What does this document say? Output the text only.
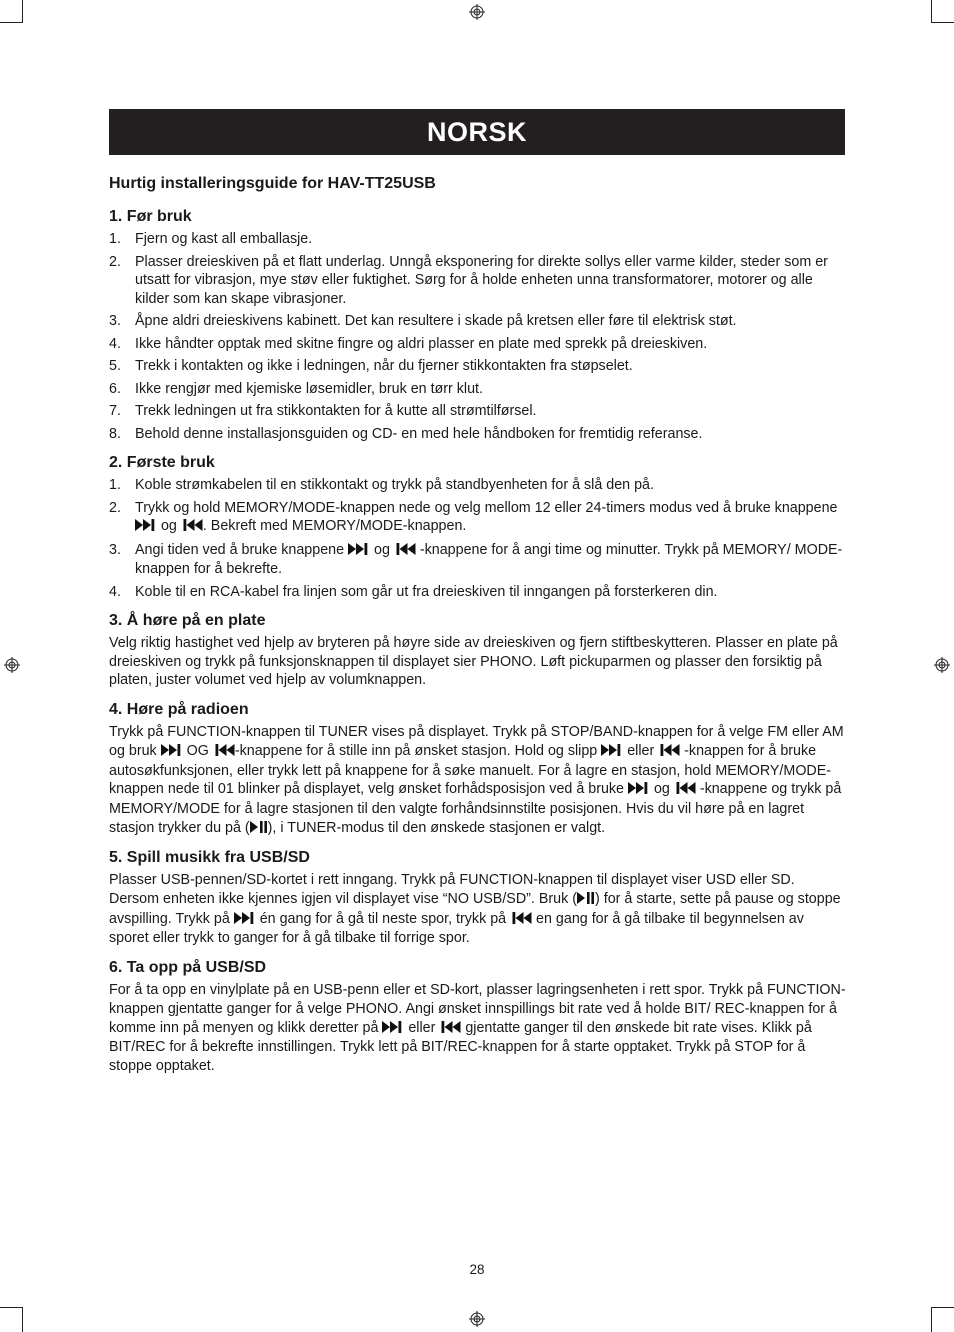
NORSK
Hurtig installeringsguide for HAV-TT25USB
1. Før bruk
1. Fjern og kast all emballasje.
2. Plasser dreieskiven på et flatt underlag. Unngå eksponering for direkte sollys eller varme kilder, steder som er utsatt for vibrasjon, mye støv eller fuktighet. Sørg for å holde enheten unna transformatorer, motorer og alle kilder som kan skape vibrasjoner.
3. Åpne aldri dreieskivens kabinett. Det kan resultere i skade på kretsen eller føre til elektrisk støt.
4. Ikke håndter opptak med skitne fingre og aldri plasser en plate med sprekk på dreieskiven.
5. Trekk i kontakten og ikke i ledningen, når du fjerner stikkontakten fra støpselet.
6. Ikke rengjør med kjemiske løsemidler, bruk en tørr klut.
7. Trekk ledningen ut fra stikkontakten for å kutte all strømtilførsel.
8. Behold denne installasjonsguiden og CD- en med hele håndboken for fremtidig referanse.
2. Første bruk
1. Koble strømkabelen til en stikkontakt og trykk på standbyenheten for å slå den på.
2. Trykk og hold MEMORY/MODE-knappen nede og velg mellom 12 eller 24-timers modus ved å bruke knappene  og . Bekreft med MEMORY/MODE-knappen.
3. Angi tiden ved å bruke knappene  og  -knappene for å angi time og minutter. Trykk på MEMORY/ MODE-knappen for å bekrefte.
4. Koble til en RCA-kabel fra linjen som går ut fra dreieskiven til inngangen på forsterkeren din.
3. Å høre på en plate

Velg riktig hastighet ved hjelp av bryteren på høyre side av dreieskiven og fjern stiftbeskytteren. Plasser en plate på dreieskiven og trykk på funksjonsknappen til displayet sier PHONO. Løft pickuparmen og plasser den forsiktig på platen, juster volumet ved hjelp av volumknappen.

4. Høre på radioen

Trykk på FUNCTION-knappen til TUNER vises på displayet. Trykk på STOP/BAND-knappen for å velge FM eller AM og bruk  OG -knappene for å stille inn på ønsket stasjon. Hold og slipp  eller  -knappen for å bruke autosøkfunksjonen, eller trykk lett på knappene for å søke manuelt. For å lagre en stasjon, hold MEMORY/MODE-knappen nede til 01 blinker på displayet, velg ønsket forhådsposisjon ved å bruke  og  -knappene og trykk på MEMORY/MODE for å lagre stasjonen til den valgte forhåndsinnstilte posisjonen. Hvis du vil høre på en lagret stasjon trykker du på ( ), i TUNER-modus til den ønskede stasjonen er valgt.

5. Spill musikk fra USB/SD

Plasser USB-pennen/SD-kortet i rett inngang. Trykk på FUNCTION-knappen til displayet viser USD eller SD. Dersom enheten ikke kjennes igjen vil displayet vise “NO USB/SD”. Bruk ( ) for å starte, sette på pause og stoppe avspilling. Trykk på  én gang for å gå til neste spor, trykk på  en gang for å gå tilbake til begynnelsen av sporet eller trykk to ganger for å gå tilbake til forrige spor.

6. Ta opp på USB/SD

For å ta opp en vinylplate på en USB-penn eller et SD-kort, plasser lagringsenheten i rett spor. Trykk på FUNCTION-knappen gjentatte ganger for å velge PHONO. Angi ønsket innspillings bit rate ved å holde BIT/ REC-knappen for å komme inn på menyen og klikk deretter på  eller  gjentatte ganger til den ønskede bit rate vises. Klikk på BIT/REC for å bekrefte innstillingen. Trykk lett på BIT/REC-knappen for å starte opptaket. Trykk på STOP for å stoppe opptaket.

28
